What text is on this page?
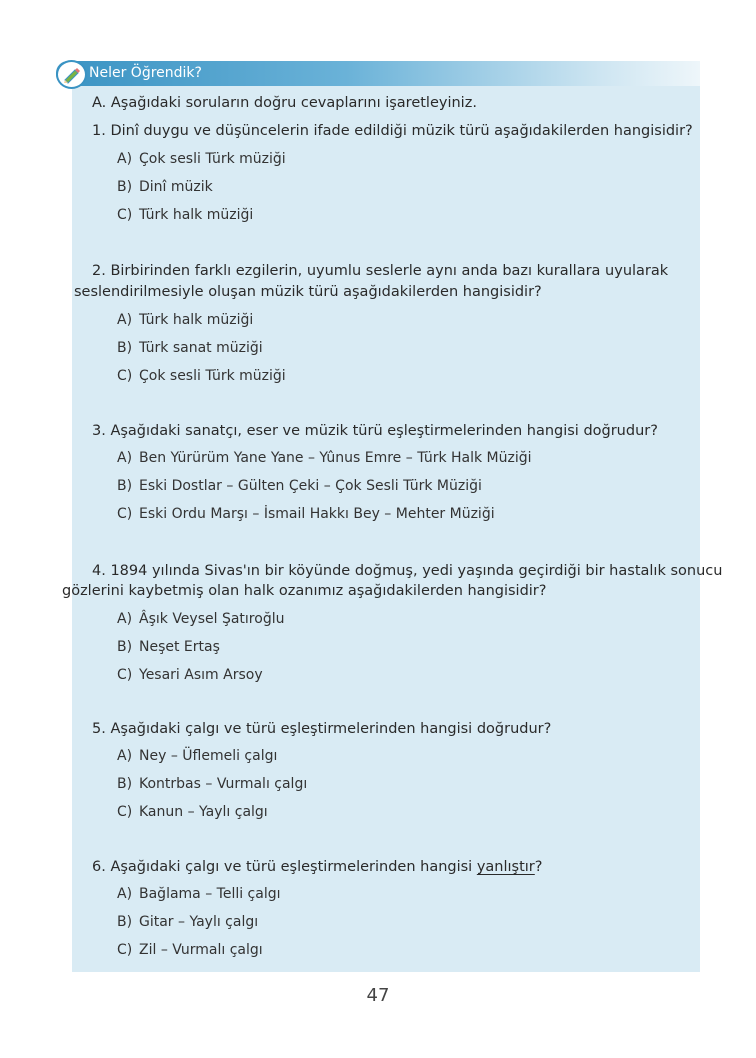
Neler Öğrendik?
A. Aşağıdaki soruların doğru cevaplarını işaretleyiniz.
1. Dinî duygu ve düşüncelerin ifade edildiği müzik türü aşağıdakilerden hangisidir?
A) Çok sesli Türk müziği
B) Dinî müzik
C) Türk halk müziği
2. Birbirinden farklı ezgilerin, uyumlu seslerle aynı anda bazı kurallara uyularak
seslendirilmesiyle oluşan müzik türü aşağıdakilerden hangisidir?
A) Türk halk müziği
B) Türk sanat müziği
C) Çok sesli Türk müziği
3. Aşağıdaki sanatçı, eser ve müzik türü eşleştirmelerinden hangisi doğrudur?
A) Ben Yürürüm Yane Yane – Yûnus Emre – Türk Halk Müziği
B) Eski Dostlar – Gülten Çeki – Çok Sesli Türk Müziği
C) Eski Ordu Marşı – İsmail Hakkı Bey – Mehter Müziği
4. 1894 yılında Sivas'ın bir köyünde doğmuş, yedi yaşında geçirdiği bir hastalık sonucu
gözlerini kaybetmiş olan halk ozanımız aşağıdakilerden hangisidir?
A) Âşık Veysel Şatıroğlu
B) Neşet Ertaş
C) Yesari Asım Arsoy
5. Aşağıdaki çalgı ve türü eşleştirmelerinden hangisi doğrudur?
A) Ney – Üflemeli çalgı
B) Kontrbas – Vurmalı çalgı
C) Kanun – Yaylı çalgı
6. Aşağıdaki çalgı ve türü eşleştirmelerinden hangisi yanlıştır?
A) Bağlama – Telli çalgı
B) Gitar – Yaylı çalgı
C) Zil – Vurmalı çalgı
47
